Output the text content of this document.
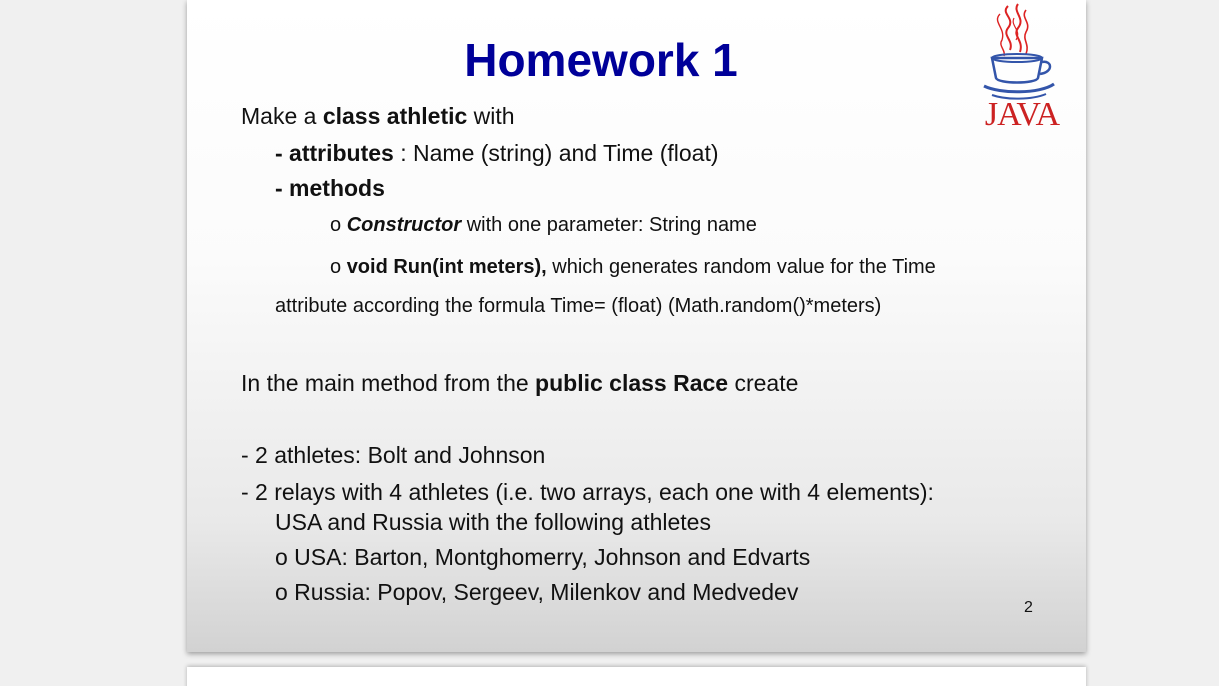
Homework 1
JAVA
Make a class athletic with
- attributes : Name (string) and Time (float)
- methods
o Constructor with one parameter: String name
o void Run(int meters), which generates random value for the Time
attribute according the formula Time= (float) (Math.random()*meters)
In the main method from the public class Race create
- 2 athletes: Bolt and Johnson
- 2 relays with 4 athletes (i.e. two arrays, each one with 4 elements):
USA and Russia with the following athletes
o USA: Barton, Montghomerry, Johnson and Edvarts
o Russia: Popov, Sergeev, Milenkov and Medvedev
2
